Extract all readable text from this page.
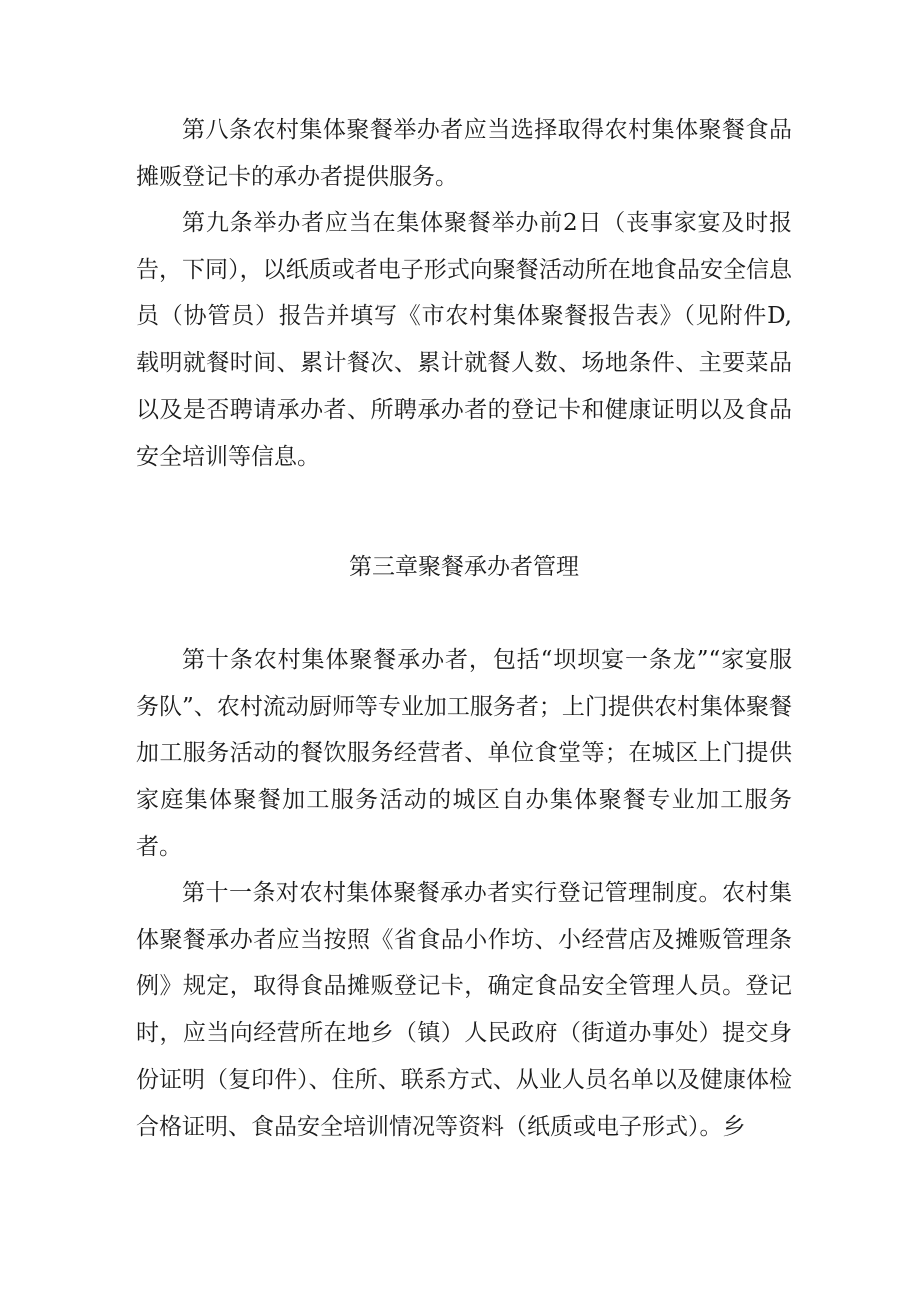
第八条农村集体聚餐举办者应当选择取得农村集体聚餐食品摊贩登记卡的承办者提供服务。

第九条举办者应当在集体聚餐举办前2日（丧事家宴及时报告，下同），以纸质或者电子形式向聚餐活动所在地食品安全信息员（协管员）报告并填写《市农村集体聚餐报告表》（见附件D,载明就餐时间、累计餐次、累计就餐人数、场地条件、主要菜品以及是否聘请承办者、所聘承办者的登记卡和健康证明以及食品安全培训等信息。

第三章聚餐承办者管理

第十条农村集体聚餐承办者，包括“坝坝宴一条龙”“家宴服务队”、农村流动厨师等专业加工服务者；上门提供农村集体聚餐加工服务活动的餐饮服务经营者、单位食堂等；在城区上门提供家庭集体聚餐加工服务活动的城区自办集体聚餐专业加工服务者。

第十一条对农村集体聚餐承办者实行登记管理制度。农村集体聚餐承办者应当按照《省食品小作坊、小经营店及摊贩管理条例》规定，取得食品摊贩登记卡，确定食品安全管理人员。登记时，应当向经营所在地乡（镇）人民政府（街道办事处）提交身份证明（复印件）、住所、联系方式、从业人员名单以及健康体检合格证明、食品安全培训情况等资料（纸质或电子形式）。乡
